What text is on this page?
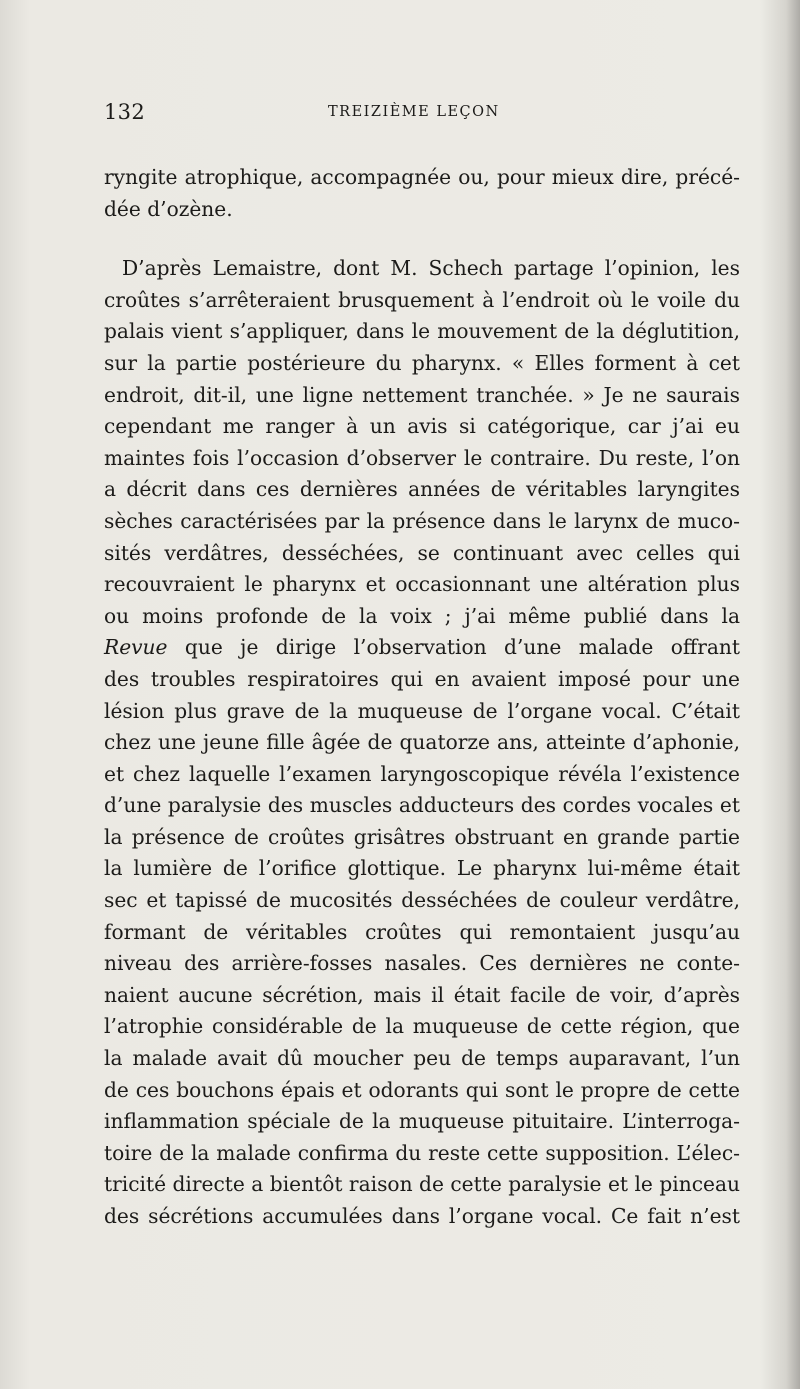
132	TREIZIÈME LEÇON
ryngite atrophique, accompagnée ou, pour mieux dire, précé-
dée d’ozène.
D’après Lemaistre, dont M. Schech partage l’opinion, les
croûtes s’arrêteraient brusquement à l’endroit où le voile du
palais vient s’appliquer, dans le mouvement de la déglutition,
sur la partie postérieure du pharynx. « Elles forment à cet
endroit, dit-il, une ligne nettement tranchée. » Je ne saurais
cependant me ranger à un avis si catégorique, car j’ai eu
maintes fois l’occasion d’observer le contraire. Du reste, l’on
a décrit dans ces dernières années de véritables laryngites
sèches caractérisées par la présence dans le larynx de muco-
sités verdâtres, desséchées, se continuant avec celles qui
recouvraient le pharynx et occasionnant une altération plus
ou moins profonde de la voix ; j’ai même publié dans la
Revue que je dirige l’observation d’une malade offrant
des troubles respiratoires qui en avaient imposé pour une
lésion plus grave de la muqueuse de l’organe vocal. C’était
chez une jeune fille âgée de quatorze ans, atteinte d’aphonie,
et chez laquelle l’examen laryngoscopique révéla l’existence
d’une paralysie des muscles adducteurs des cordes vocales et
la présence de croûtes grisâtres obstruant en grande partie
la lumière de l’orifice glottique. Le pharynx lui-même était
sec et tapissé de mucosités desséchées de couleur verdâtre,
formant de véritables croûtes qui remontaient jusqu’au
niveau des arrière-fosses nasales. Ces dernières ne conte-
naient aucune sécrétion, mais il était facile de voir, d’après
l’atrophie considérable de la muqueuse de cette région, que
la malade avait dû moucher peu de temps auparavant, l’un
de ces bouchons épais et odorants qui sont le propre de cette
inflammation spéciale de la muqueuse pituitaire. L’interroga-
toire de la malade confirma du reste cette supposition. L’élec-
tricité directe a bientôt raison de cette paralysie et le pinceau
des sécrétions accumulées dans l’organe vocal. Ce fait n’est
